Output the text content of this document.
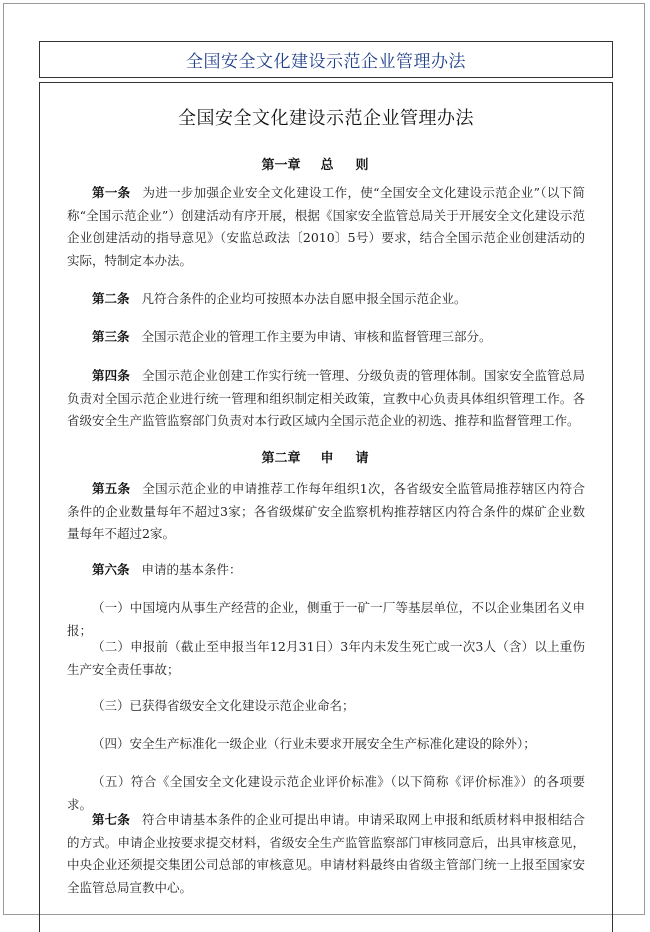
全国安全文化建设示范企业管理办法
全国安全文化建设示范企业管理办法
第一章 总则
第一条 为进一步加强企业安全文化建设工作，使“全国安全文化建设示范企业”（以下简称“全国示范企业”）创建活动有序开展，根据《国家安全监管总局关于开展安全文化建设示范企业创建活动的指导意见》（安监总政法〔2010〕5号）要求，结合全国示范企业创建活动的实际，特制定本办法。
第二条 凡符合条件的企业均可按照本办法自愿申报全国示范企业。
第三条 全国示范企业的管理工作主要为申请、审核和监督管理三部分。
第四条 全国示范企业创建工作实行统一管理、分级负责的管理体制。国家安全监管总局负责对全国示范企业进行统一管理和组织制定相关政策，宣教中心负责具体组织管理工作。各省级安全生产监管监察部门负责对本行政区域内全国示范企业的初选、推荐和监督管理工作。
第二章 申请
第五条 全国示范企业的申请推荐工作每年组织1次，各省级安全监管局推荐辖区内符合条件的企业数量每年不超过3家；各省级煤矿安全监察机构推荐辖区内符合条件的煤矿企业数量每年不超过2家。
第六条 申请的基本条件：
（一）中国境内从事生产经营的企业，侧重于一矿一厂等基层单位，不以企业集团名义申报；
（二）申报前（截止至申报当年12月31日）3年内未发生死亡或一次3人（含）以上重伤生产安全责任事故；
（三）已获得省级安全文化建设示范企业命名；
（四）安全生产标准化一级企业（行业未要求开展安全生产标准化建设的除外）；
（五）符合《全国安全文化建设示范企业评价标准》（以下简称《评价标准》）的各项要求。
第七条 符合申请基本条件的企业可提出申请。申请采取网上申报和纸质材料申报相结合的方式。申请企业按要求提交材料，省级安全生产监管监察部门审核同意后，出具审核意见，中央企业还须提交集团公司总部的审核意见。申请材料最终由省级主管部门统一上报至国家安全监管总局宣教中心。
